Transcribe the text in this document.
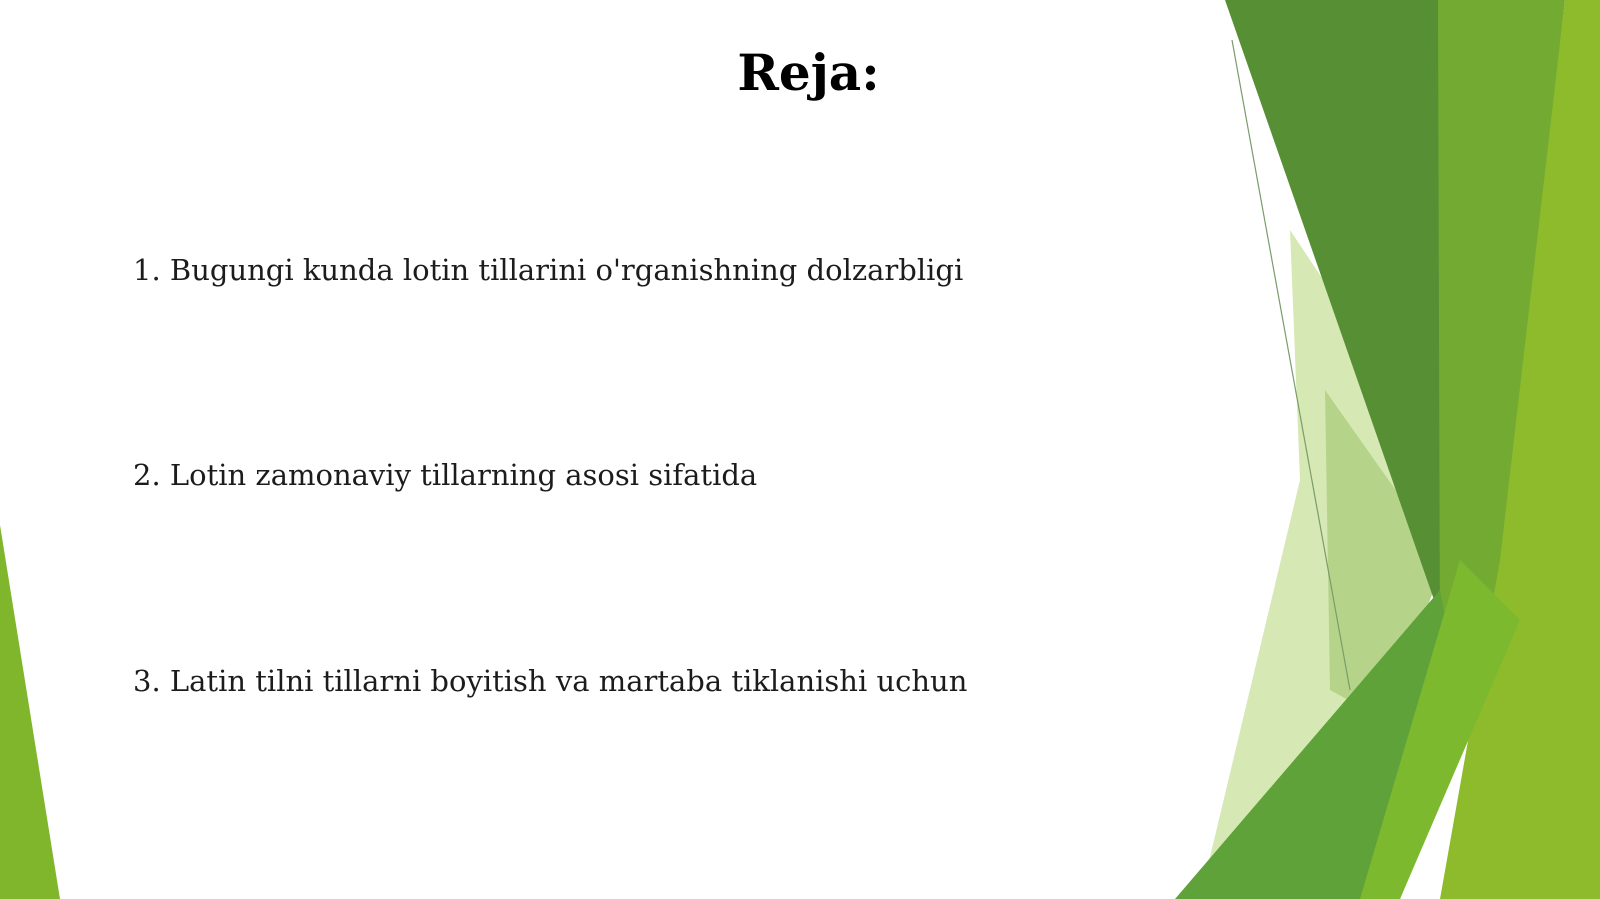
Reja:
1. Bugungi kunda lotin tillarini o'rganishning dolzarbligi
2. Lotin zamonaviy tillarning asosi sifatida
3. Latin tilni tillarni boyitish va martaba tiklanishi uchun
